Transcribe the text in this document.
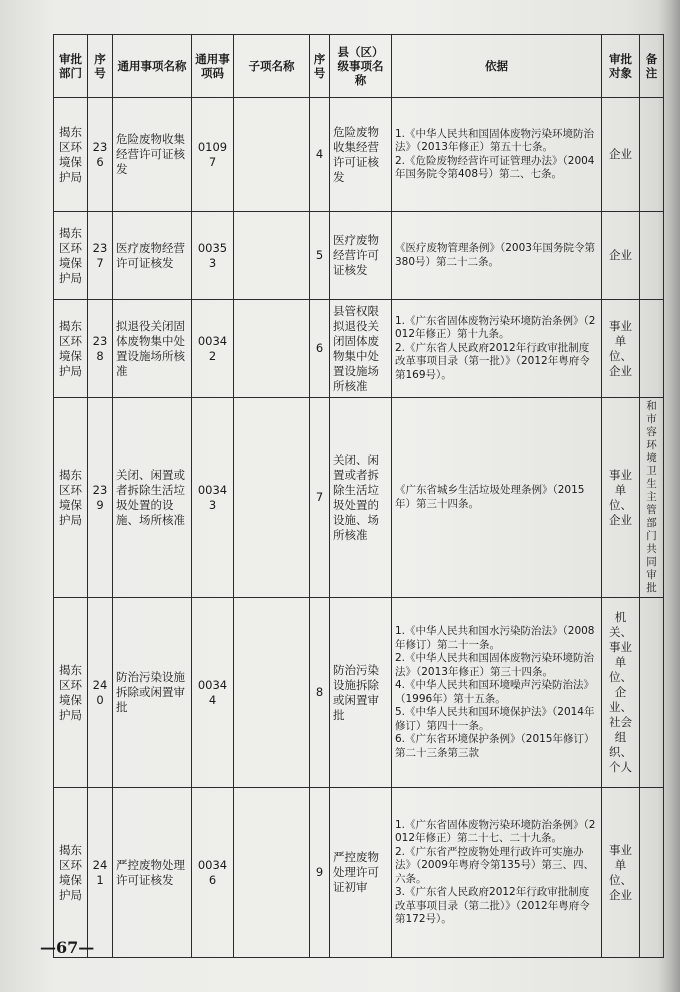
审批部门	序号	通用事项名称	通用事项码	子项名称	序号	县（区）级事项名称	依据	审批对象	备注
揭东区环境保护局	236	危险废物收集经营许可证核发	01097		4	危险废物收集经营许可证核发	1.《中华人民共和国固体废物污染环境防治法》（2013年修正）第五十七条。
2.《危险废物经营许可证管理办法》（2004年国务院令第408号）第二、七条。	企业	
揭东区环境保护局	237	医疗废物经营许可证核发	00353		5	医疗废物经营许可证核发	《医疗废物管理条例》（2003年国务院令第380号）第二十二条。	企业	
揭东区环境保护局	238	拟退役关闭固体废物集中处置设施场所核准	00342		6	县管权限拟退役关闭固体废物集中处置设施场所核准	1.《广东省固体废物污染环境防治条例》（2012年修正）第十九条。
2.《广东省人民政府2012年行政审批制度改革事项目录（第一批）》（2012年粤府令第169号）。	事业单位、企业	
揭东区环境保护局	239	关闭、闲置或者拆除生活垃圾处置的设施、场所核准	00343		7	关闭、闲置或者拆除生活垃圾处置的设施、场所核准	《广东省城乡生活垃圾处理条例》（2015年）第三十四条。	事业单位、企业	和市容环境卫生主管部门共同审批
揭东区环境保护局	240	防治污染设施拆除或闲置审批	00344		8	防治污染设施拆除或闲置审批	1.《中华人民共和国水污染防治法》（2008年修订）第二十一条。
2.《中华人民共和国固体废物污染环境防治法》（2013年修正）第三十四条。
4.《中华人民共和国环境噪声污染防治法》（1996年）第十五条。
5.《中华人民共和国环境保护法》（2014年修订）第四十一条。
6.《广东省环境保护条例》（2015年修订）第二十三条第三款	机关、事业单位、企业、社会组织、个人	
揭东区环境保护局	241	严控废物处理许可证核发	00346		9	严控废物处理许可证初审	1.《广东省固体废物污染环境防治条例》（2012年修正）第二十七、二十九条。
2.《广东省严控废物处理行政许可实施办法》（2009年粤府令第135号）第三、四、六条。
3.《广东省人民政府2012年行政审批制度改革事项目录（第二批）》（2012年粤府令第172号）。	事业单位、企业	
—67—
